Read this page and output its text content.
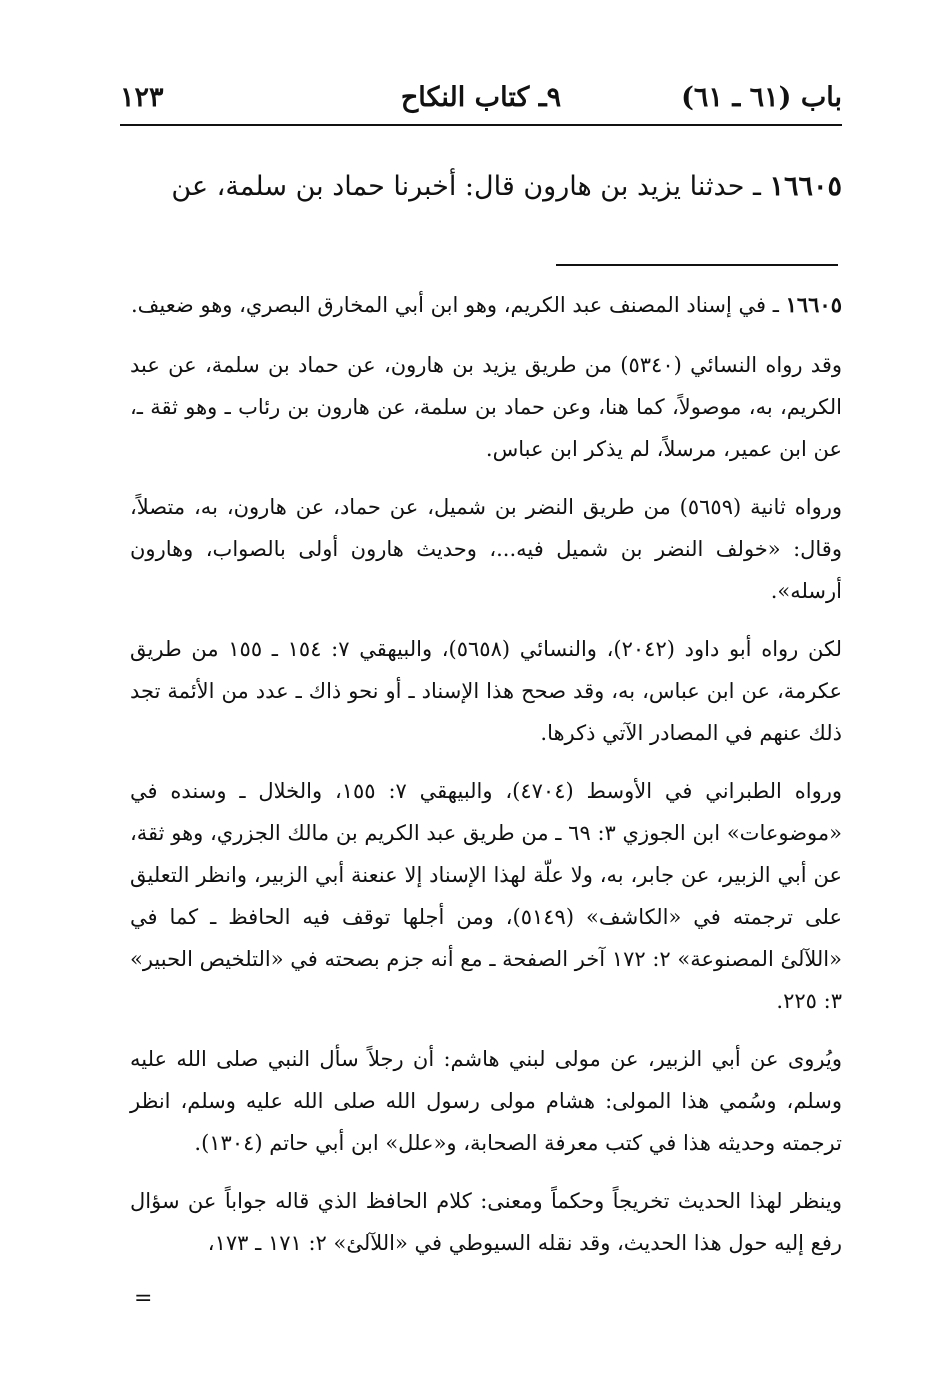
باب (٦١ ـ ٦١)
٩ـ كتاب النكاح
١٢٣
١٦٦٠٥ ـ حدثنا يزيد بن هارون قال: أخبرنا حماد بن سلمة، عن

١٦٦٠٥ ـ في إسناد المصنف عبد الكريم، وهو ابن أبي المخارق البصري، وهو ضعيف.

وقد رواه النسائي (٥٣٤٠) من طريق يزيد بن هارون، عن حماد بن سلمة، عن عبد الكريم، به، موصولاً، كما هنا، وعن حماد بن سلمة، عن هارون بن رئاب ـ وهو ثقة ـ، عن ابن عمير، مرسلاً، لم يذكر ابن عباس.

ورواه ثانية (٥٦٥٩) من طريق النضر بن شميل، عن حماد، عن هارون، به، متصلاً، وقال: «خولف النضر بن شميل فيه...، وحديث هارون أولى بالصواب، وهارون أرسله».

لكن رواه أبو داود (٢٠٤٢)، والنسائي (٥٦٥٨)، والبيهقي ٧: ١٥٤ ـ ١٥٥ من طريق عكرمة، عن ابن عباس، به، وقد صحح هذا الإسناد ـ أو نحو ذاك ـ عدد من الأئمة تجد ذلك عنهم في المصادر الآتي ذكرها.

ورواه الطبراني في الأوسط (٤٧٠٤)، والبيهقي ٧: ١٥٥، والخلال ـ وسنده في «موضوعات» ابن الجوزي ٣: ٦٩ ـ من طريق عبد الكريم بن مالك الجزري، وهو ثقة، عن أبي الزبير، عن جابر، به، ولا علّة لهذا الإسناد إلا عنعنة أبي الزبير، وانظر التعليق على ترجمته في «الكاشف» (٥١٤٩)، ومن أجلها توقف فيه الحافظ ـ كما في «اللآلئ المصنوعة» ٢: ١٧٢ آخر الصفحة ـ مع أنه جزم بصحته في «التلخيص الحبير» ٣: ٢٢٥.

ويُروى عن أبي الزبير، عن مولى لبني هاشم: أن رجلاً سأل النبي صلى الله عليه وسلم، وسُمي هذا المولى: هشام مولى رسول الله صلى الله عليه وسلم، انظر ترجمته وحديثه هذا في كتب معرفة الصحابة، و«علل» ابن أبي حاتم (١٣٠٤).

وينظر لهذا الحديث تخريجاً وحكماً ومعنى: كلام الحافظ الذي قاله جواباً عن سؤال رفع إليه حول هذا الحديث، وقد نقله السيوطي في «اللآلئ» ٢: ١٧١ ـ ١٧٣،

=
